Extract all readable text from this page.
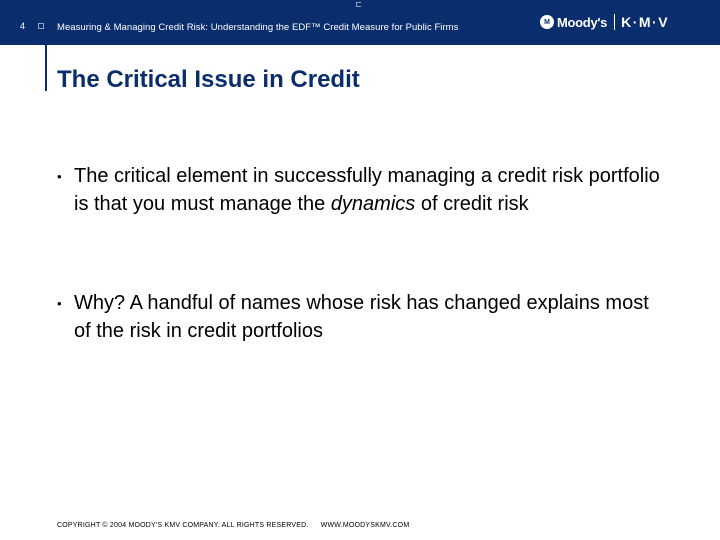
4	Measuring & Managing Credit Risk: Understanding the EDF™ Credit Measure for Public Firms	M Moody's K·M·V
The Critical Issue in Credit
• The critical element in successfully managing a credit risk portfolio is that you must manage the dynamics of credit risk
• Why? A handful of names whose risk has changed explains most of the risk in credit portfolios
COPYRIGHT © 2004 MOODY'S KMV COMPANY. ALL RIGHTS RESERVED. WWW.MOODYSKMV.COM
